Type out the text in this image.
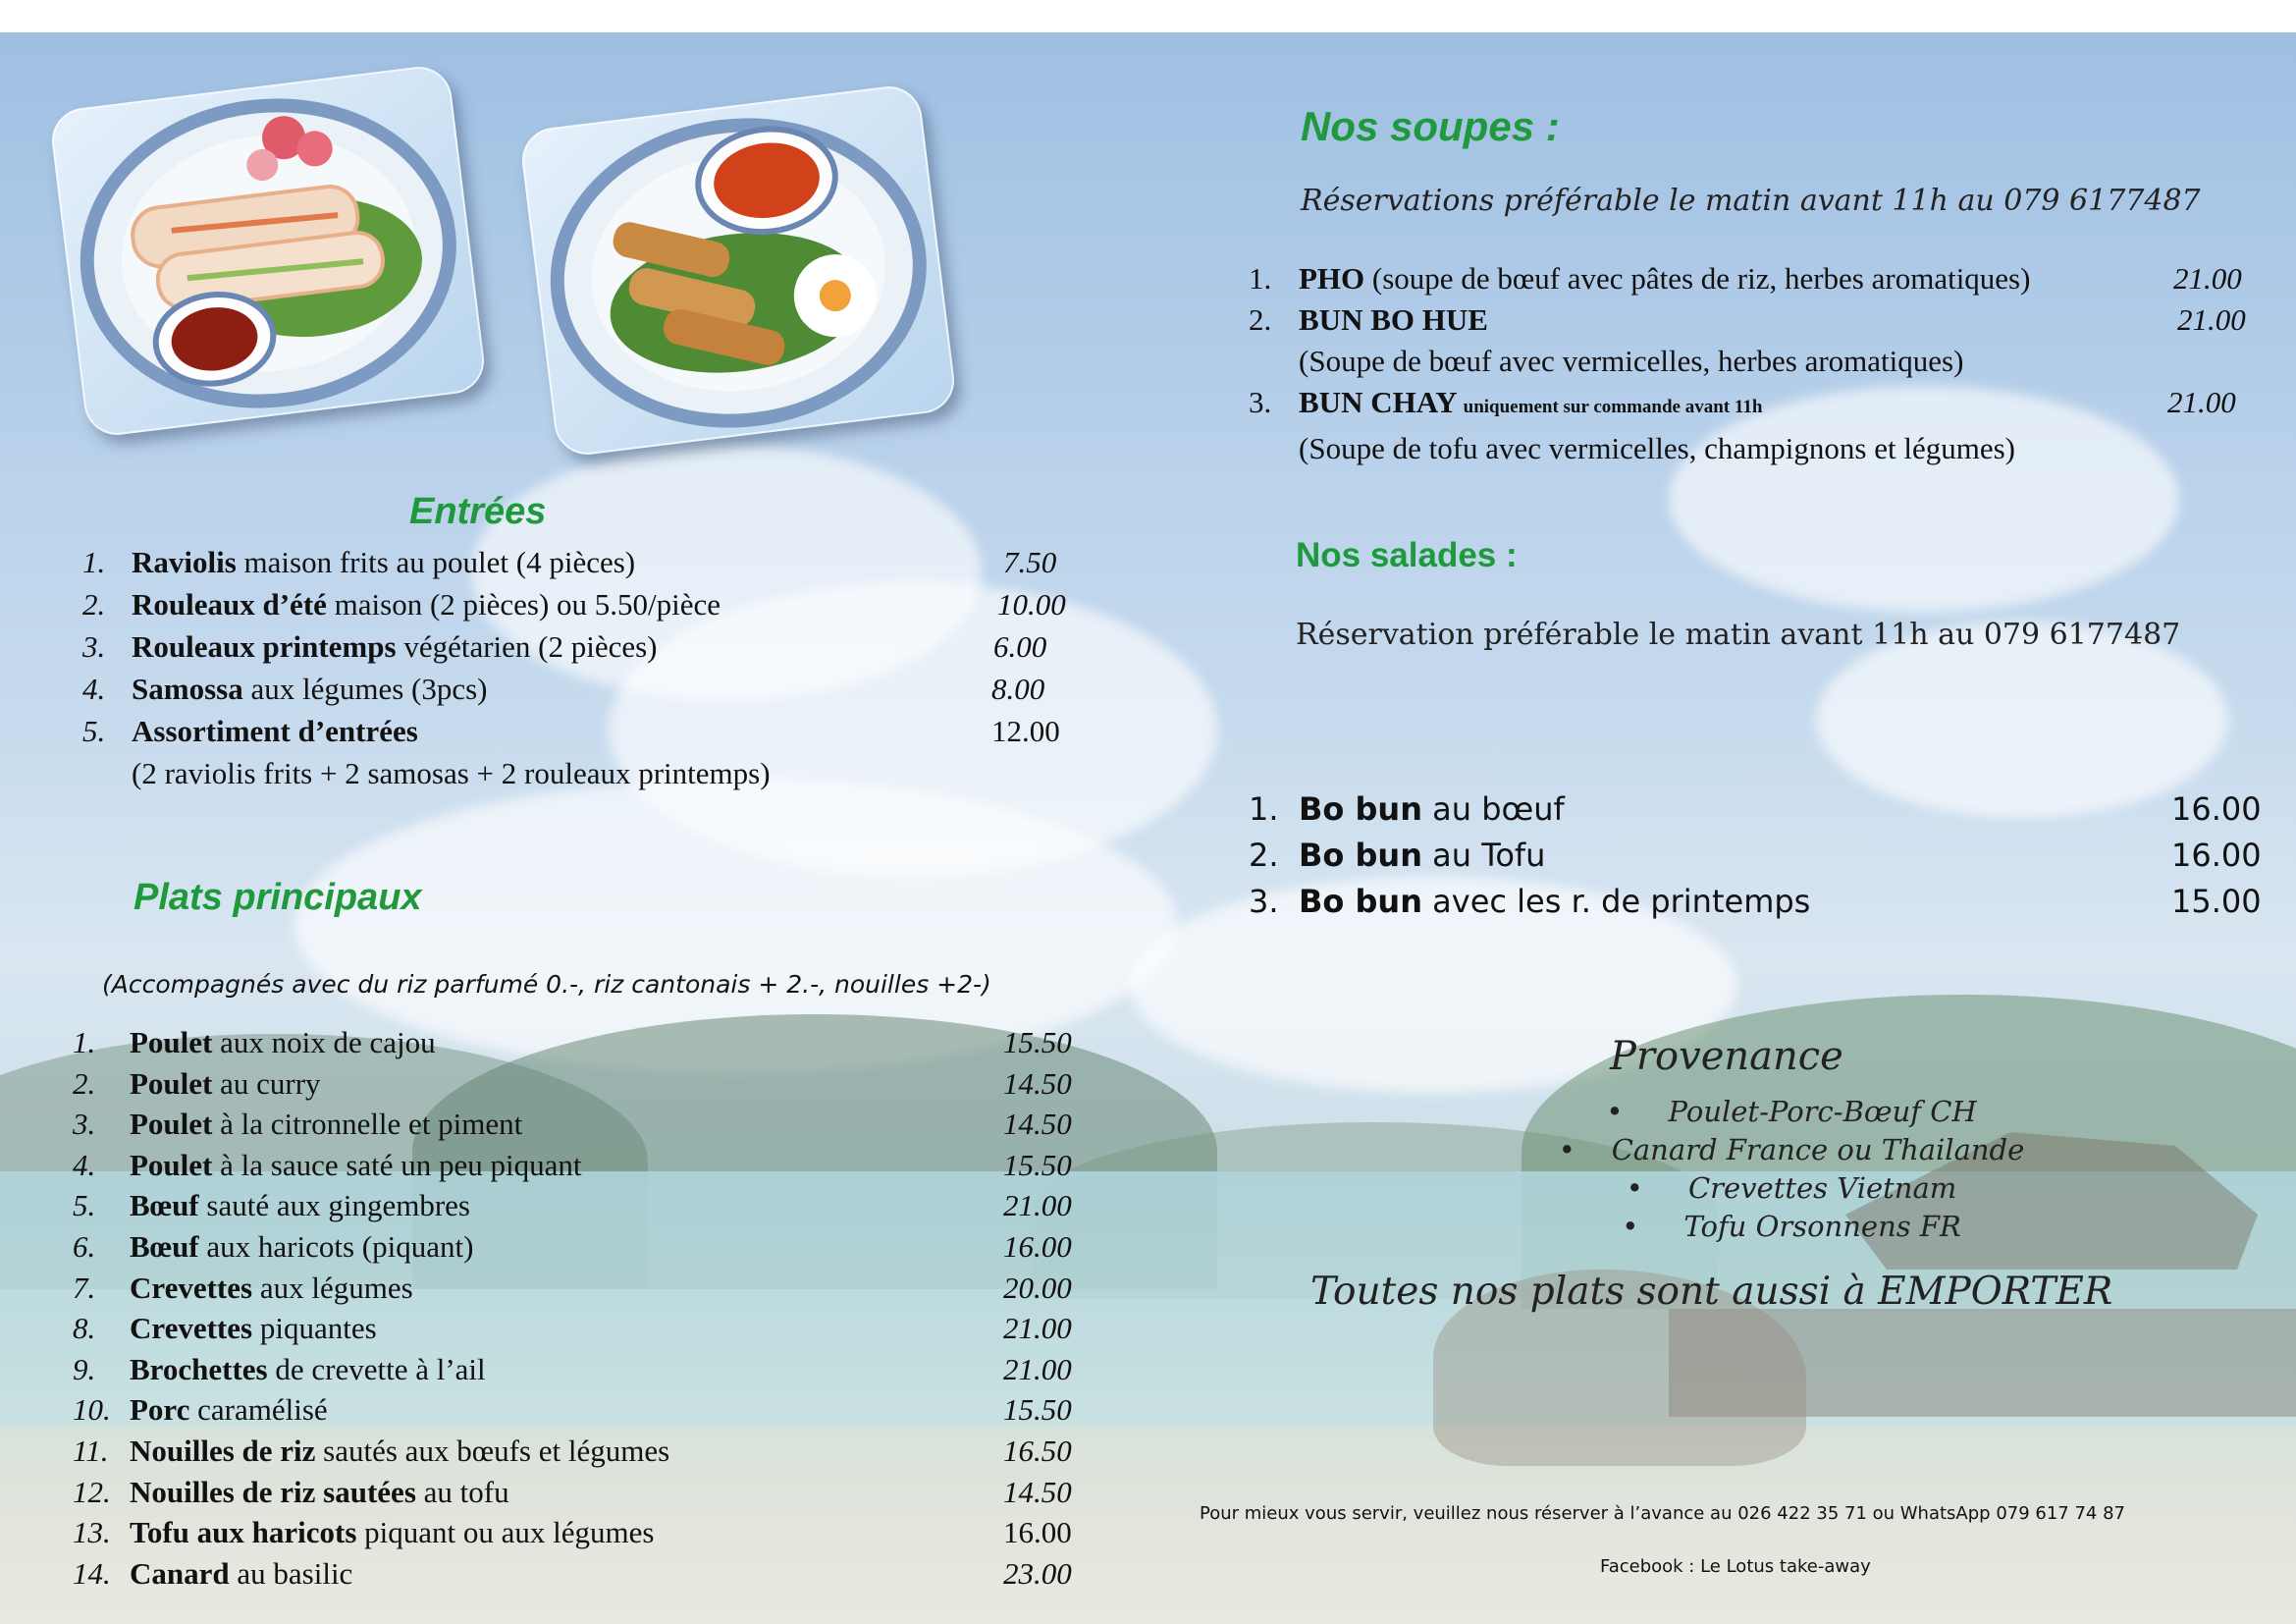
Entrées
1. Raviolis maison frits au poulet (4 pièces)	7.50
2. Rouleaux d’été maison (2 pièces) ou 5.50/pièce	10.00
3. Rouleaux printemps végétarien (2 pièces)	6.00
4. Samossa aux légumes (3pcs)	8.00
5. Assortiment d’entrées	12.00
(2 raviolis frits + 2 samosas + 2 rouleaux printemps)
Plats principaux
(Accompagnés avec du riz parfumé 0.-, riz cantonais + 2.-, nouilles +2-)
1. Poulet aux noix de cajou	15.50
2. Poulet au curry	14.50
3. Poulet à la citronnelle et piment	14.50
4. Poulet à la sauce saté un peu piquant	15.50
5. Bœuf sauté aux gingembres	21.00
6. Bœuf aux haricots (piquant)	16.00
7. Crevettes aux légumes	20.00
8. Crevettes piquantes	21.00
9. Brochettes de crevette à l’ail	21.00
10. Porc caramélisé	15.50
11. Nouilles de riz sautés aux bœufs et légumes	16.50
12. Nouilles de riz sautées au tofu	14.50
13. Tofu aux haricots piquant ou aux légumes	16.00
14. Canard au basilic	23.00
Nos soupes :
Réservations préférable le matin avant 11h au 079 6177487
1. PHO (soupe de bœuf avec pâtes de riz, herbes aromatiques)	21.00
2. BUN BO HUE	21.00
(Soupe de bœuf avec vermicelles, herbes aromatiques)
3. BUN CHAY uniquement sur commande avant 11h	21.00
(Soupe de tofu avec vermicelles, champignons et légumes)
Nos salades :
Réservation préférable le matin avant 11h au 079 6177487
1. Bo bun au bœuf	16.00
2. Bo bun au Tofu	16.00
3. Bo bun avec les r. de printemps	15.00
Provenance
•     Poulet-Porc-Bœuf CH
•    Canard France ou Thailande
•     Crevettes Vietnam
•     Tofu Orsonnens FR
Toutes nos plats sont aussi à EMPORTER
Pour mieux vous servir, veuillez nous réserver à l’avance au 026 422 35 71 ou WhatsApp 079 617 74 87
Facebook : Le Lotus take-away
